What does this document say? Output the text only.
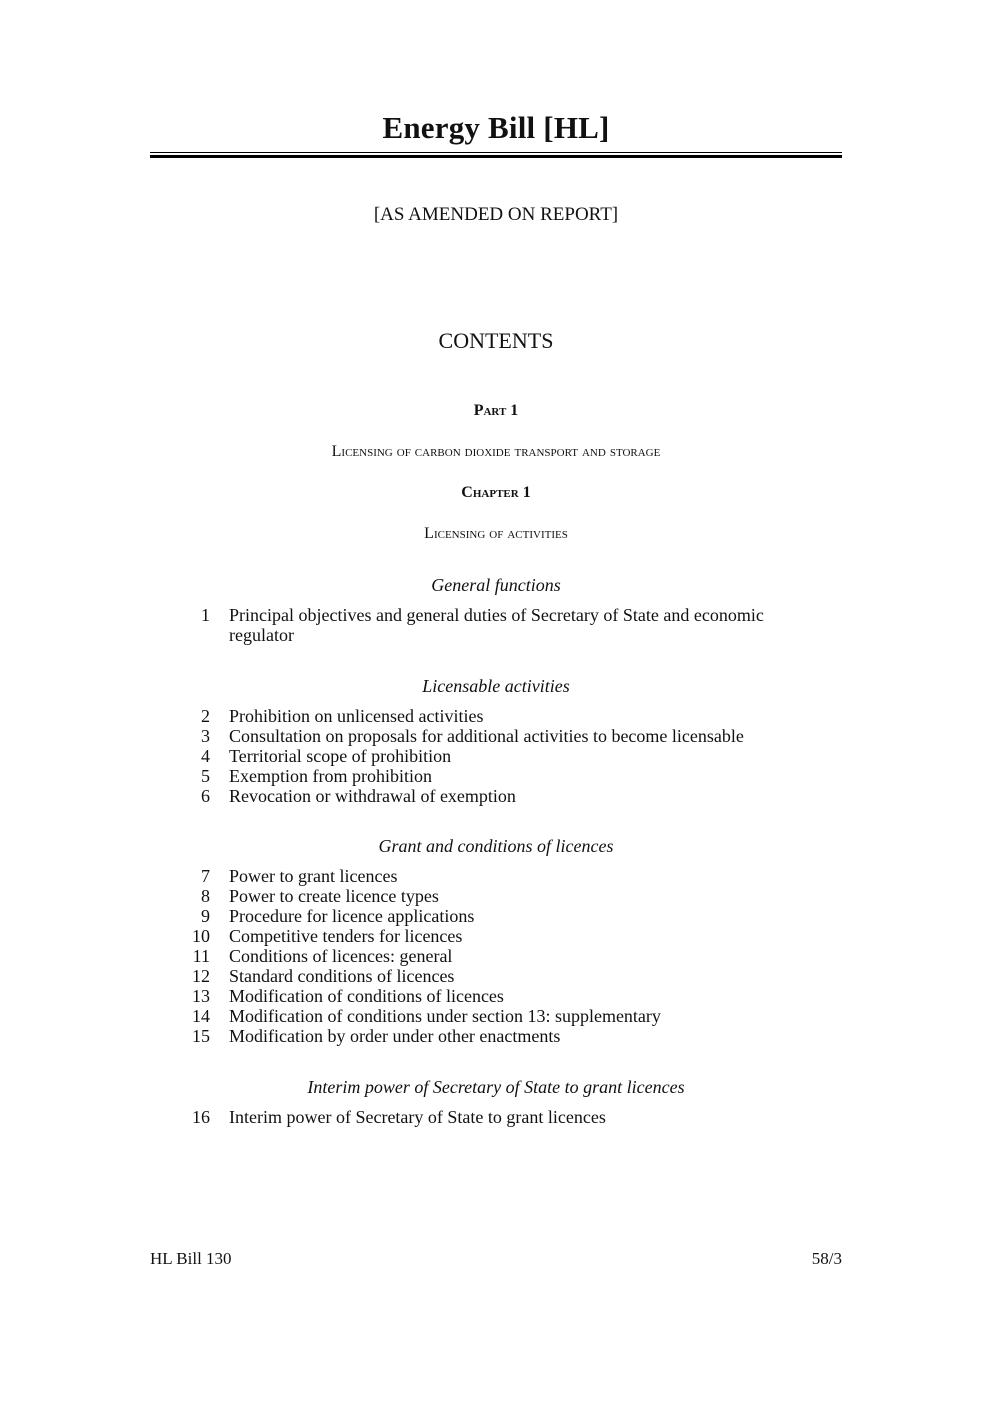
Energy Bill [HL]
[AS AMENDED ON REPORT]
CONTENTS
Part 1
Licensing of carbon dioxide transport and storage
Chapter 1
Licensing of activities
General functions
1 Principal objectives and general duties of Secretary of State and economic regulator
Licensable activities
2 Prohibition on unlicensed activities
3 Consultation on proposals for additional activities to become licensable
4 Territorial scope of prohibition
5 Exemption from prohibition
6 Revocation or withdrawal of exemption
Grant and conditions of licences
7 Power to grant licences
8 Power to create licence types
9 Procedure for licence applications
10 Competitive tenders for licences
11 Conditions of licences: general
12 Standard conditions of licences
13 Modification of conditions of licences
14 Modification of conditions under section 13: supplementary
15 Modification by order under other enactments
Interim power of Secretary of State to grant licences
16 Interim power of Secretary of State to grant licences
HL Bill 130	58/3
